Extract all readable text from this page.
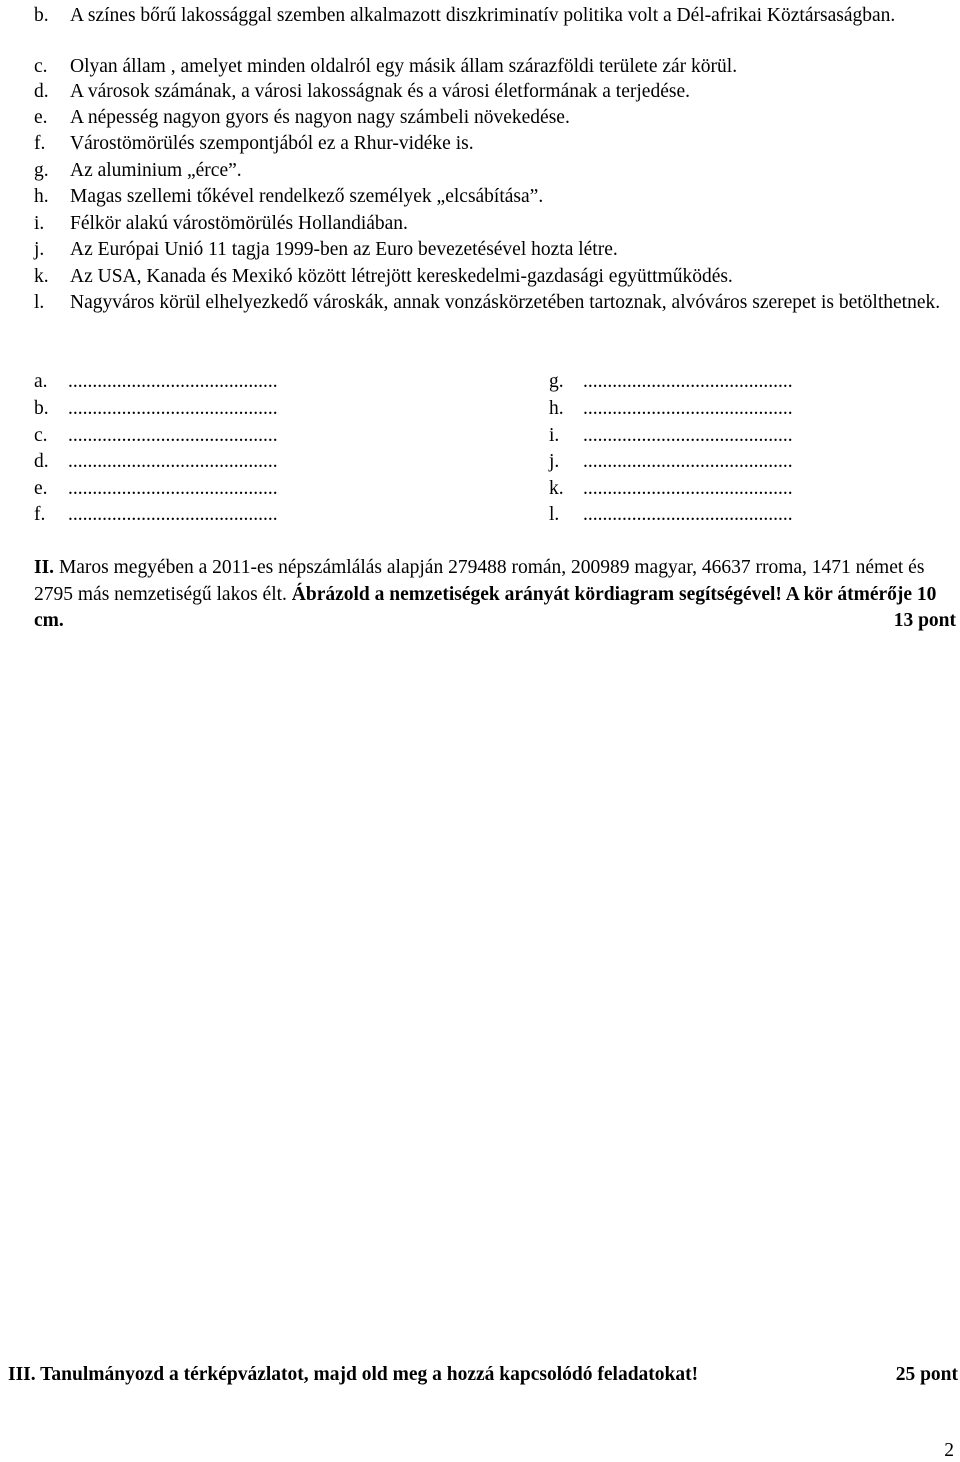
b. A színes bőrű lakossággal szemben alkalmazott diszkriminatív politika volt a Dél-afrikai Köztársaságban.
c. Olyan állam , amelyet minden oldalról egy másik állam szárazföldi területe zár körül.
d. A városok számának, a városi lakosságnak és a városi életformának a terjedése.
e. A népesség nagyon gyors és nagyon nagy számbeli növekedése.
f. Várostömörülés szempontjából ez a Rhur-vidéke is.
g. Az aluminium „érce”.
h. Magas szellemi tőkével rendelkező személyek „elcsábítása”.
i. Félkör alakú várostömörülés Hollandiában.
j. Az Európai Unió 11 tagja 1999-ben az Euro bevezetésével hozta létre.
k. Az USA, Kanada és Mexikó között létrejött kereskedelmi-gazdasági együttműködés.
l. Nagyváros körül elhelyezkedő városkák, annak vonzáskörzetében tartoznak, alvóváros szerepet is betölthetnek.
a. ...........................................
b. ...........................................
c. ...........................................
d. ...........................................
e. ...........................................
f. ...........................................
g. ...........................................
h. ...........................................
i. ...........................................
j. ...........................................
k. ...........................................
l. ...........................................
II. Maros megyében a 2011-es népszámlálás alapján 279488 román, 200989 magyar, 46637 rroma, 1471 német és 2795 más nemzetiségű lakos élt. Ábrázold a nemzetiségek arányát kördiagram segítségével! A kör átmérője 10 cm.	13 pont
III. Tanulmányozd a térképvázlatot, majd old meg a hozzá kapcsolódó feladatokat!	25 pont
2
